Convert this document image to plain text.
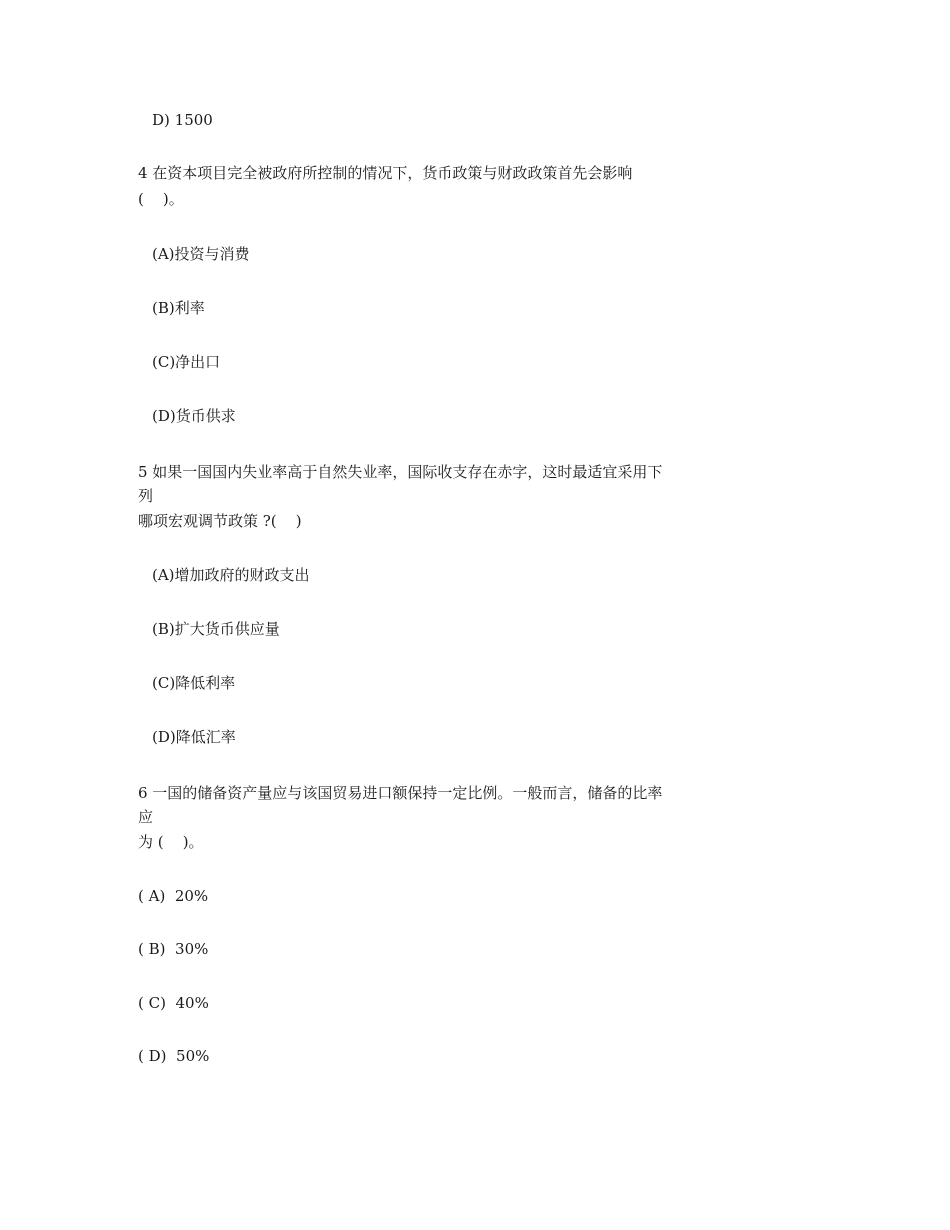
D) 1500
4 在资本项目完全被政府所控制的情况下，货币政策与财政政策首先会影响
(    )。
(A)投资与消费
(B)利率
(C)净出口
(D)货币供求
5 如果一国国内失业率高于自然失业率，国际收支存在赤字，这时最适宜采用下
列
哪项宏观调节政策 ?(    )
(A)增加政府的财政支出
(B)扩大货币供应量
(C)降低利率
(D)降低汇率
6 一国的储备资产量应与该国贸易进口额保持一定比例。一般而言，储备的比率
应
为 (    )。
( A)  20%
( B)  30%
( C)  40%
( D)  50%
